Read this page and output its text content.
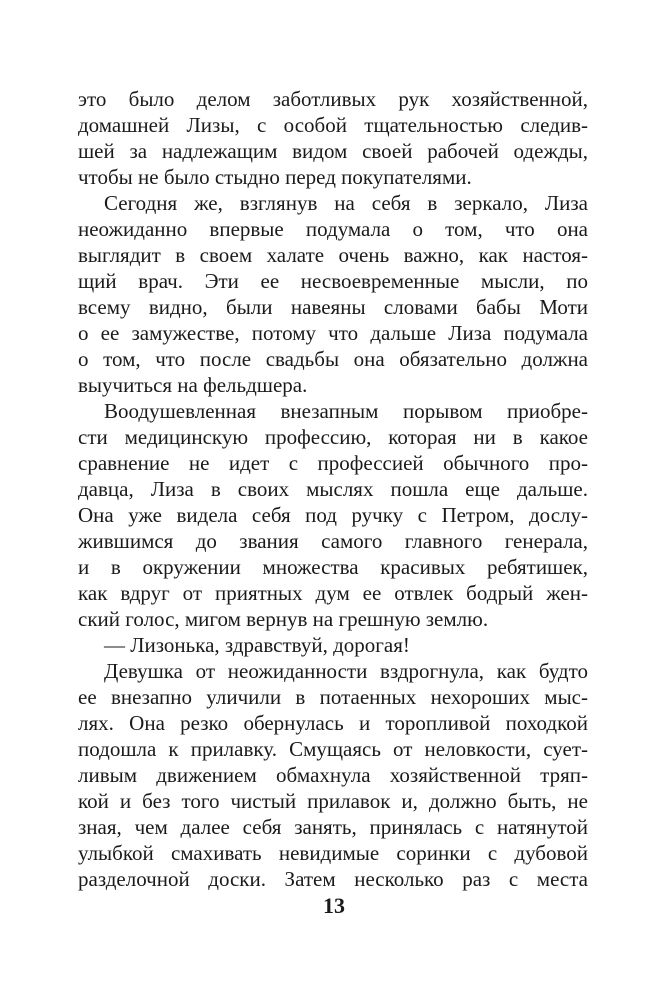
это было делом заботливых рук хозяйственной,
домашней Лизы, с особой тщательностью следив-
шей за надлежащим видом своей рабочей одежды,
чтобы не было стыдно перед покупателями.
Сегодня же, взглянув на себя в зеркало, Лиза
неожиданно впервые подумала о том, что она
выглядит в своем халате очень важно, как настоя-
щий врач. Эти ее несвоевременные мысли, по
всему видно, были навеяны словами бабы Моти
о ее замужестве, потому что дальше Лиза подумала
о том, что после свадьбы она обязательно должна
выучиться на фельдшера.
Воодушевленная внезапным порывом приобре-
сти медицинскую профессию, которая ни в какое
сравнение не идет с профессией обычного про-
давца, Лиза в своих мыслях пошла еще дальше.
Она уже видела себя под ручку с Петром, дослу-
жившимся до звания самого главного генерала,
и в окружении множества красивых ребятишек,
как вдруг от приятных дум ее отвлек бодрый жен-
ский голос, мигом вернув на грешную землю.
— Лизонька, здравствуй, дорогая!
Девушка от неожиданности вздрогнула, как будто
ее внезапно уличили в потаенных нехороших мыс-
лях. Она резко обернулась и торопливой походкой
подошла к прилавку. Смущаясь от неловкости, сует-
ливым движением обмахнула хозяйственной тряп-
кой и без того чистый прилавок и, должно быть, не
зная, чем далее себя занять, принялась с натянутой
улыбкой смахивать невидимые соринки с дубовой
разделочной доски. Затем несколько раз с места
13
